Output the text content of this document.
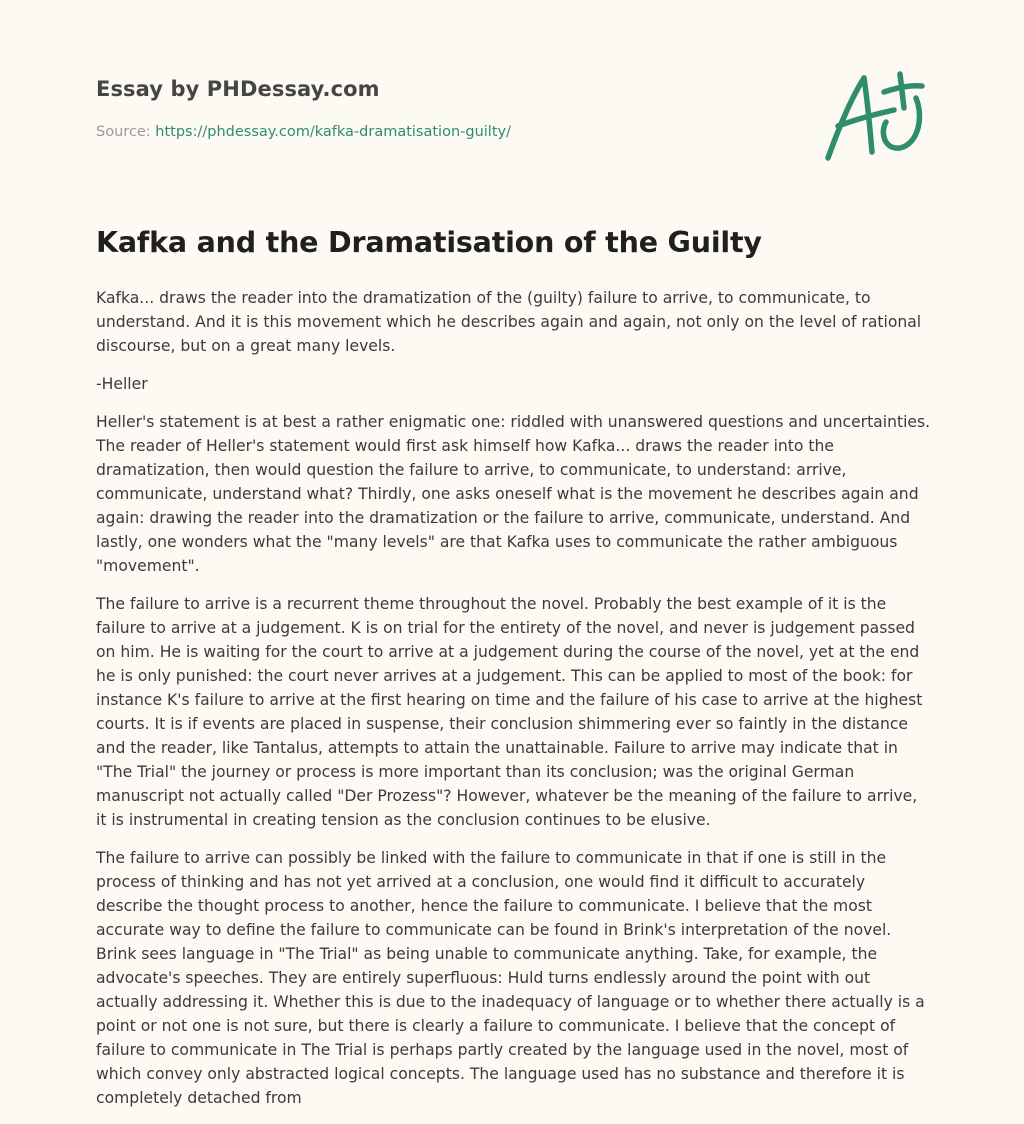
Essay by PHDessay.com
Source: https://phdessay.com/kafka-dramatisation-guilty/
Kafka and the Dramatisation of the Guilty

Kafka... draws the reader into the dramatization of the (guilty) failure to arrive, to communicate, to understand. And it is this movement which he describes again and again, not only on the level of rational discourse, but on a great many levels.

-Heller

Heller's statement is at best a rather enigmatic one: riddled with unanswered questions and uncertainties. The reader of Heller's statement would first ask himself how Kafka... draws the reader into the dramatization, then would question the failure to arrive, to communicate, to understand: arrive, communicate, understand what? Thirdly, one asks oneself what is the movement he describes again and again: drawing the reader into the dramatization or the failure to arrive, communicate, understand. And lastly, one wonders what the "many levels" are that Kafka uses to communicate the rather ambiguous "movement".

The failure to arrive is a recurrent theme throughout the novel. Probably the best example of it is the failure to arrive at a judgement. K is on trial for the entirety of the novel, and never is judgement passed on him. He is waiting for the court to arrive at a judgement during the course of the novel, yet at the end he is only punished: the court never arrives at a judgement. This can be applied to most of the book: for instance K's failure to arrive at the first hearing on time and the failure of his case to arrive at the highest courts. It is if events are placed in suspense, their conclusion shimmering ever so faintly in the distance and the reader, like Tantalus, attempts to attain the unattainable. Failure to arrive may indicate that in "The Trial" the journey or process is more important than its conclusion; was the original German manuscript not actually called "Der Prozess"? However, whatever be the meaning of the failure to arrive, it is instrumental in creating tension as the conclusion continues to be elusive.

The failure to arrive can possibly be linked with the failure to communicate in that if one is still in the process of thinking and has not yet arrived at a conclusion, one would find it difficult to accurately describe the thought process to another, hence the failure to communicate. I believe that the most accurate way to define the failure to communicate can be found in Brink's interpretation of the novel. Brink sees language in "The Trial" as being unable to communicate anything. Take, for example, the advocate's speeches. They are entirely superfluous: Huld turns endlessly around the point with out actually addressing it. Whether this is due to the inadequacy of language or to whether there actually is a point or not one is not sure, but there is clearly a failure to communicate. I believe that the concept of failure to communicate in The Trial is perhaps partly created by the language used in the novel, most of which convey only abstracted logical concepts. The language used has no substance and therefore it is completely detached from
